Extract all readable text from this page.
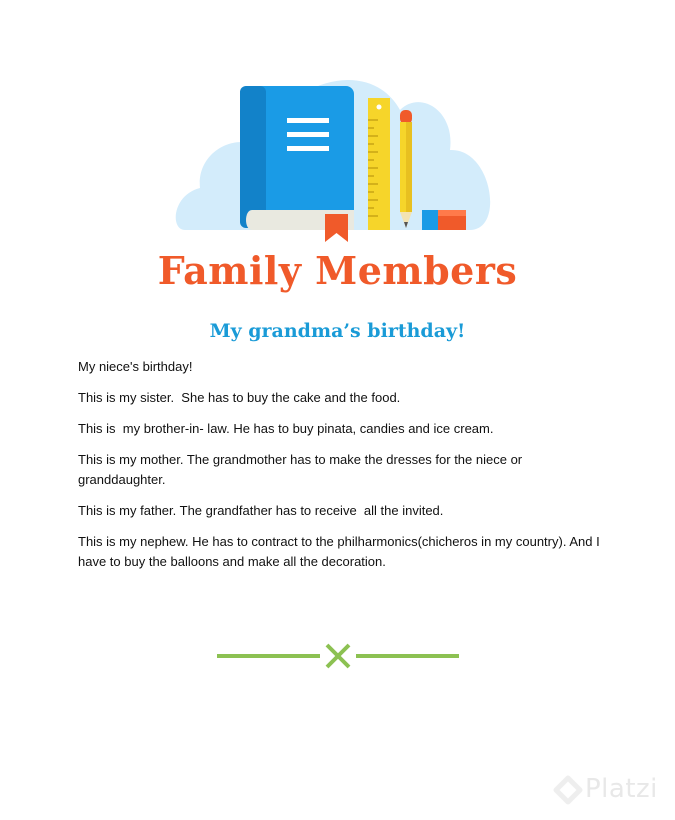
Family Members
My grandma’s birthday!

My niece's birthday!

This is my sister.  She has to buy the cake and the food.

This is  my brother-in- law. He has to buy pinata, candies and ice cream.

This is my mother. The grandmother has to make the dresses for the niece or granddaughter.

This is my father. The grandfather has to receive  all the invited.

This is my nephew. He has to contract to the philharmonics(chicheros in my country). And I have to buy the balloons and make all the decoration.

Platzi
